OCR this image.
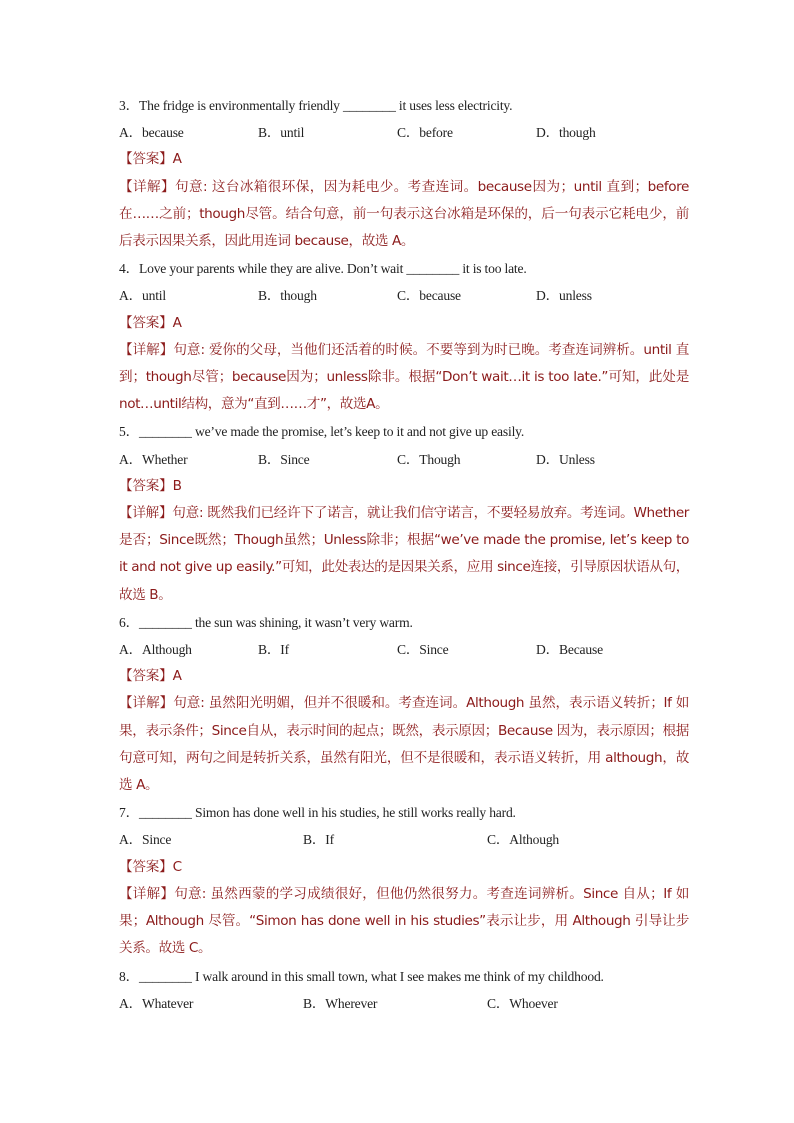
3．The fridge is environmentally friendly ________ it uses less electricity.
A．because	B．until	C．before	D．though
【答案】A
【详解】句意: 这台冰箱很环保，因为耗电少。考查连词。because因为；until 直到；before在……之前；though尽管。结合句意，前一句表示这台冰箱是环保的，后一句表示它耗电少，前后表示因果关系，因此用连词 because，故选 A。
4．Love your parents while they are alive. Don’t wait ________ it is too late.
A．until	B．though	C．because	D．unless
【答案】A
【详解】句意: 爱你的父母，当他们还活着的时候。不要等到为时已晚。考查连词辨析。until 直到；though尽管；because因为；unless除非。根据“Don’t wait…it is too late.”可知，此处是 not…until结构，意为“直到……才”，故选A。
5．________ we’ve made the promise, let’s keep to it and not give up easily.
A．Whether	B．Since	C．Though	D．Unless
【答案】B
【详解】句意: 既然我们已经许下了诺言，就让我们信守诺言，不要轻易放弃。考连词。Whether是否；Since既然；Though虽然；Unless除非；根据“we’ve made the promise, let’s keep to it and not give up easily.”可知，此处表达的是因果关系，应用 since连接，引导原因状语从句，故选 B。
6．________ the sun was shining, it wasn’t very warm.
A．Although	B．If	C．Since	D．Because
【答案】A
【详解】句意: 虽然阳光明媚，但并不很暖和。考查连词。Although 虽然，表示语义转折；If 如果，表示条件；Since自从，表示时间的起点；既然，表示原因；Because 因为，表示原因；根据句意可知，两句之间是转折关系，虽然有阳光，但不是很暖和，表示语义转折，用 although，故选 A。
7．________ Simon has done well in his studies, he still works really hard.
A．Since	B．If	C．Although
【答案】C
【详解】句意: 虽然西蒙的学习成绩很好，但他仍然很努力。考查连词辨析。Since 自从；If 如果；Although 尽管。“Simon has done well in his studies”表示让步，用 Although 引导让步关系。故选 C。
8．________ I walk around in this small town, what I see makes me think of my childhood.
A．Whatever	B．Wherever	C．Whoever
